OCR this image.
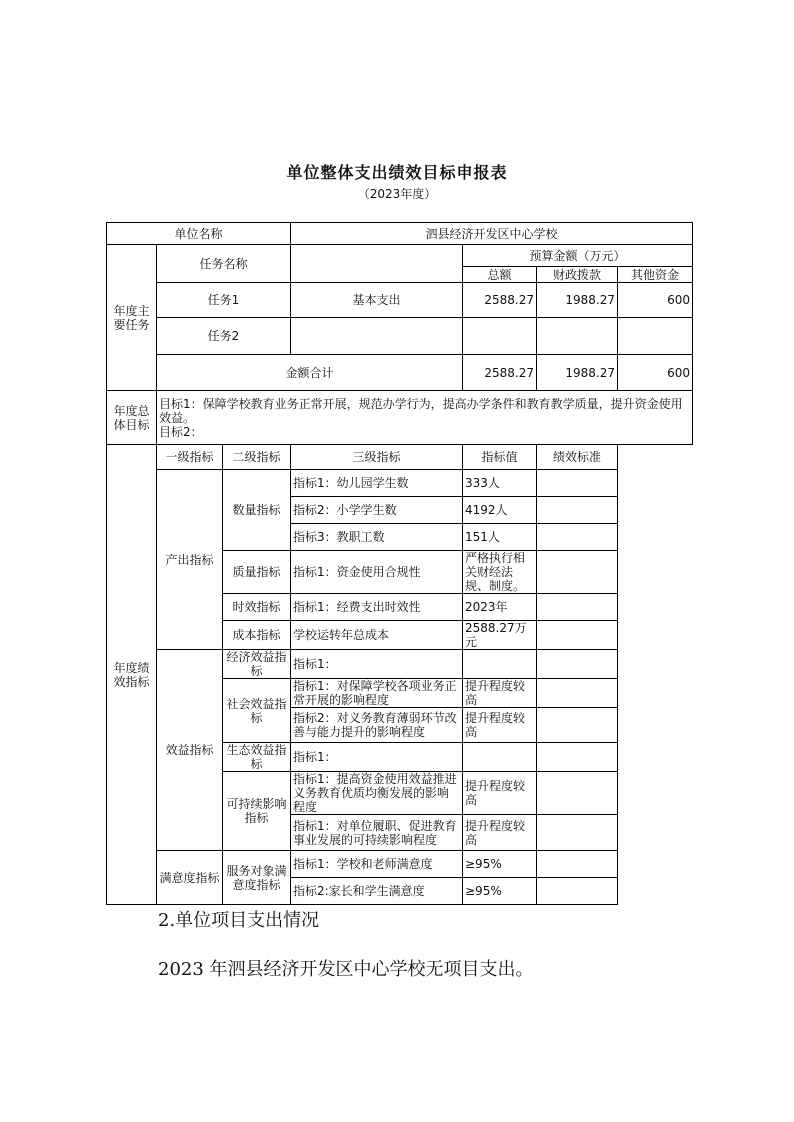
单位整体支出绩效目标申报表
（2023年度）
单位名称			泗县经济开发区中心学校			
年度主要任务	任务名称			预算金额（万元）		
				总额	财政拨款	其他资金
	任务1		基本支出	2588.27	1988.27	600
	任务2					
	金额合计			2588.27	1988.27	600

年度总体目标	目标1：保障学校教育业务正常开展，规范办学行为，提高办学条件和教育教学质量，提升资金使用效益。
目标2：					

年度绩效指标	一级指标	二级指标	三级指标	指标值	绩效标准	
	产出指标	数量指标	指标1：幼儿园学生数	333人		
			指标2：小学学生数	4192人		
			指标3：教职工数	151人		
		质量指标	指标1：资金使用合规性	严格执行相关财经法规、制度。		
		时效指标	指标1：经费支出时效性	2023年		
		成本指标	学校运转年总成本	2588.27万元		
	效益指标	经济效益指标	指标1：			
		社会效益指标	指标1：对保障学校各项业务正常开展的影响程度	提升程度较高		
			指标2：对义务教育薄弱环节改善与能力提升的影响程度	提升程度较高		
		生态效益指标	指标1：			
		可持续影响指标	指标1：提高资金使用效益推进义务教育优质均衡发展的影响程度	提升程度较高		
			指标1：对单位履职、促进教育事业发展的可持续影响程度	提升程度较高		

	满意度指标	服务对象满意度指标	指标1：学校和老师满意度	≥95%		
			指标2:家长和学生满意度	≥95%		
2.单位项目支出情况
2023 年泗县经济开发区中心学校无项目支出。
